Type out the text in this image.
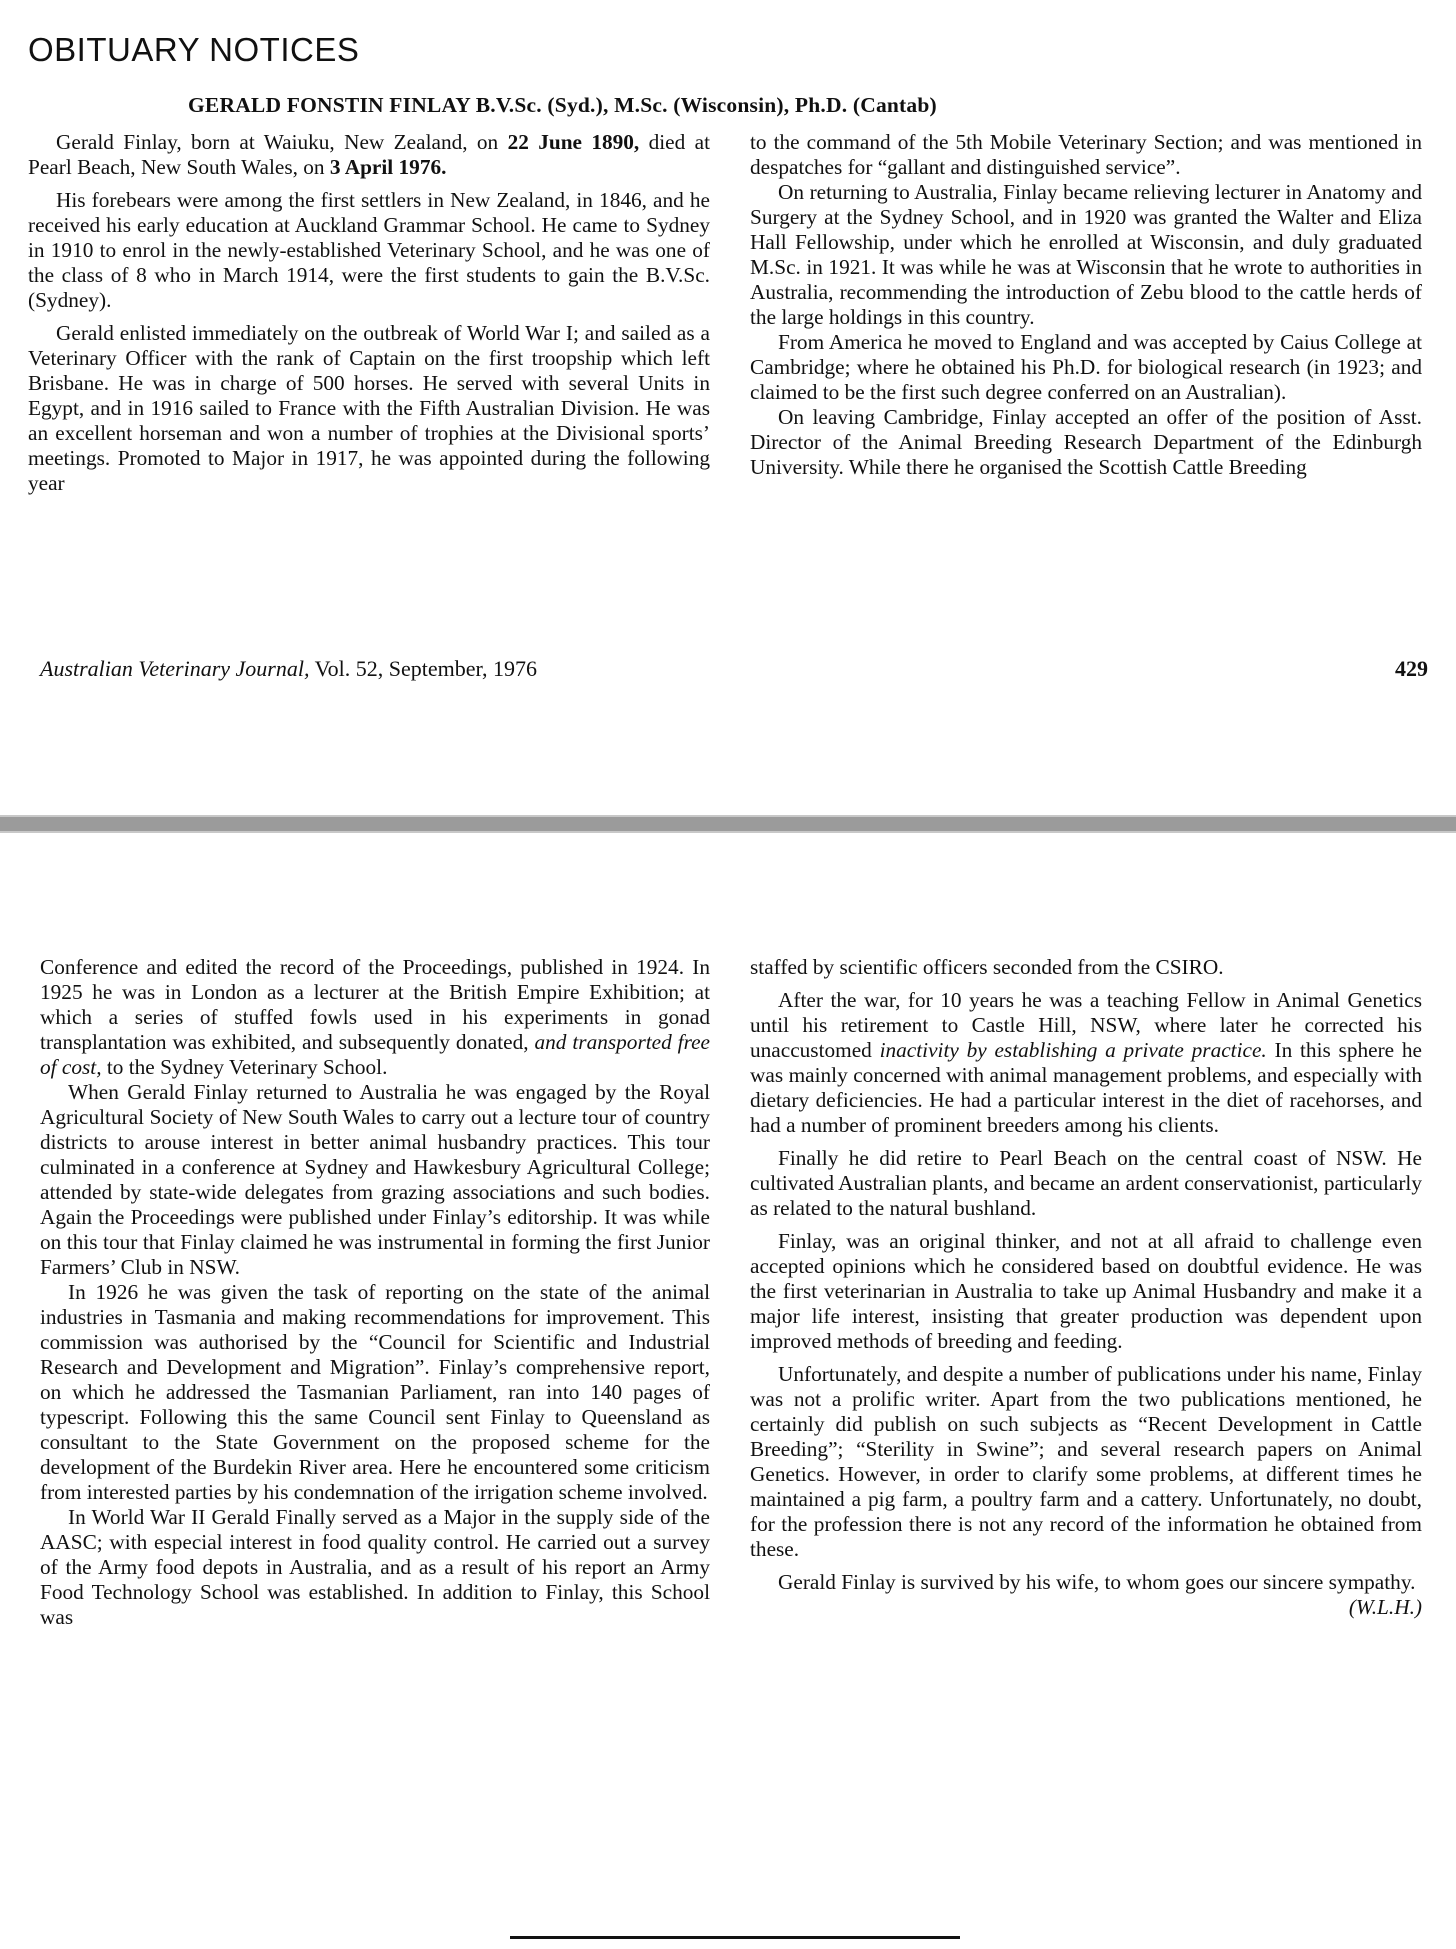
OBITUARY NOTICES
GERALD FONSTIN FINLAY B.V.Sc. (Syd.), M.Sc. (Wisconsin), Ph.D. (Cantab)

Gerald Finlay, born at Waiuku, New Zealand, on 22 June 1890, died at Pearl Beach, New South Wales, on 3 April 1976.

His forebears were among the first settlers in New Zealand, in 1846, and he received his early education at Auckland Grammar School. He came to Sydney in 1910 to enrol in the newly-established Veterinary School, and he was one of the class of 8 who in March 1914, were the first students to gain the B.V.Sc. (Sydney).

Gerald enlisted immediately on the outbreak of World War I; and sailed as a Veterinary Officer with the rank of Captain on the first troopship which left Brisbane. He was in charge of 500 horses. He served with several Units in Egypt, and in 1916 sailed to France with the Fifth Australian Division. He was an excellent horseman and won a number of trophies at the Divisional sports’ meetings. Promoted to Major in 1917, he was appointed during the following year

to the command of the 5th Mobile Veterinary Section; and was mentioned in despatches for “gallant and distinguished service”.

On returning to Australia, Finlay became relieving lecturer in Anatomy and Surgery at the Sydney School, and in 1920 was granted the Walter and Eliza Hall Fellowship, under which he enrolled at Wisconsin, and duly graduated M.Sc. in 1921. It was while he was at Wisconsin that he wrote to authorities in Australia, recommending the introduction of Zebu blood to the cattle herds of the large holdings in this country.

From America he moved to England and was accepted by Caius College at Cambridge; where he obtained his Ph.D. for biological research (in 1923; and claimed to be the first such degree conferred on an Australian).

On leaving Cambridge, Finlay accepted an offer of the position of Asst. Director of the Animal Breeding Research Department of the Edinburgh University. While there he organised the Scottish Cattle Breeding

Australian Veterinary Journal, Vol. 52, September, 1976	429

Conference and edited the record of the Proceedings, published in 1924. In 1925 he was in London as a lecturer at the British Empire Exhibition; at which a series of stuffed fowls used in his experiments in gonad transplantation was exhibited, and subsequently donated, and transported free of cost, to the Sydney Veterinary School.

When Gerald Finlay returned to Australia he was engaged by the Royal Agricultural Society of New South Wales to carry out a lecture tour of country districts to arouse interest in better animal husbandry practices. This tour culminated in a conference at Sydney and Hawkesbury Agricultural College; attended by state-wide delegates from grazing associations and such bodies. Again the Proceedings were published under Finlay’s editorship. It was while on this tour that Finlay claimed he was instrumental in forming the first Junior Farmers’ Club in NSW.

In 1926 he was given the task of reporting on the state of the animal industries in Tasmania and making recommendations for improvement. This commission was authorised by the “Council for Scientific and Industrial Research and Development and Migration”. Finlay’s comprehensive report, on which he addressed the Tasmanian Parliament, ran into 140 pages of typescript. Following this the same Council sent Finlay to Queensland as consultant to the State Government on the proposed scheme for the development of the Burdekin River area. Here he encountered some criticism from interested parties by his condemnation of the irrigation scheme involved.

In World War II Gerald Finally served as a Major in the supply side of the AASC; with especial interest in food quality control. He carried out a survey of the Army food depots in Australia, and as a result of his report an Army Food Technology School was established. In addition to Finlay, this School was

staffed by scientific officers seconded from the CSIRO.

After the war, for 10 years he was a teaching Fellow in Animal Genetics until his retirement to Castle Hill, NSW, where later he corrected his unaccustomed inactivity by establishing a private practice. In this sphere he was mainly concerned with animal management problems, and especially with dietary deficiencies. He had a particular interest in the diet of racehorses, and had a number of prominent breeders among his clients.

Finally he did retire to Pearl Beach on the central coast of NSW. He cultivated Australian plants, and became an ardent conservationist, particularly as related to the natural bushland.

Finlay, was an original thinker, and not at all afraid to challenge even accepted opinions which he considered based on doubtful evidence. He was the first veterinarian in Australia to take up Animal Husbandry and make it a major life interest, insisting that greater production was dependent upon improved methods of breeding and feeding.

Unfortunately, and despite a number of publications under his name, Finlay was not a prolific writer. Apart from the two publications mentioned, he certainly did publish on such subjects as “Recent Development in Cattle Breeding”; “Sterility in Swine”; and several research papers on Animal Genetics. However, in order to clarify some problems, at different times he maintained a pig farm, a poultry farm and a cattery. Unfortunately, no doubt, for the profession there is not any record of the information he obtained from these.

Gerald Finlay is survived by his wife, to whom goes our sincere sympathy.

(W.L.H.)
